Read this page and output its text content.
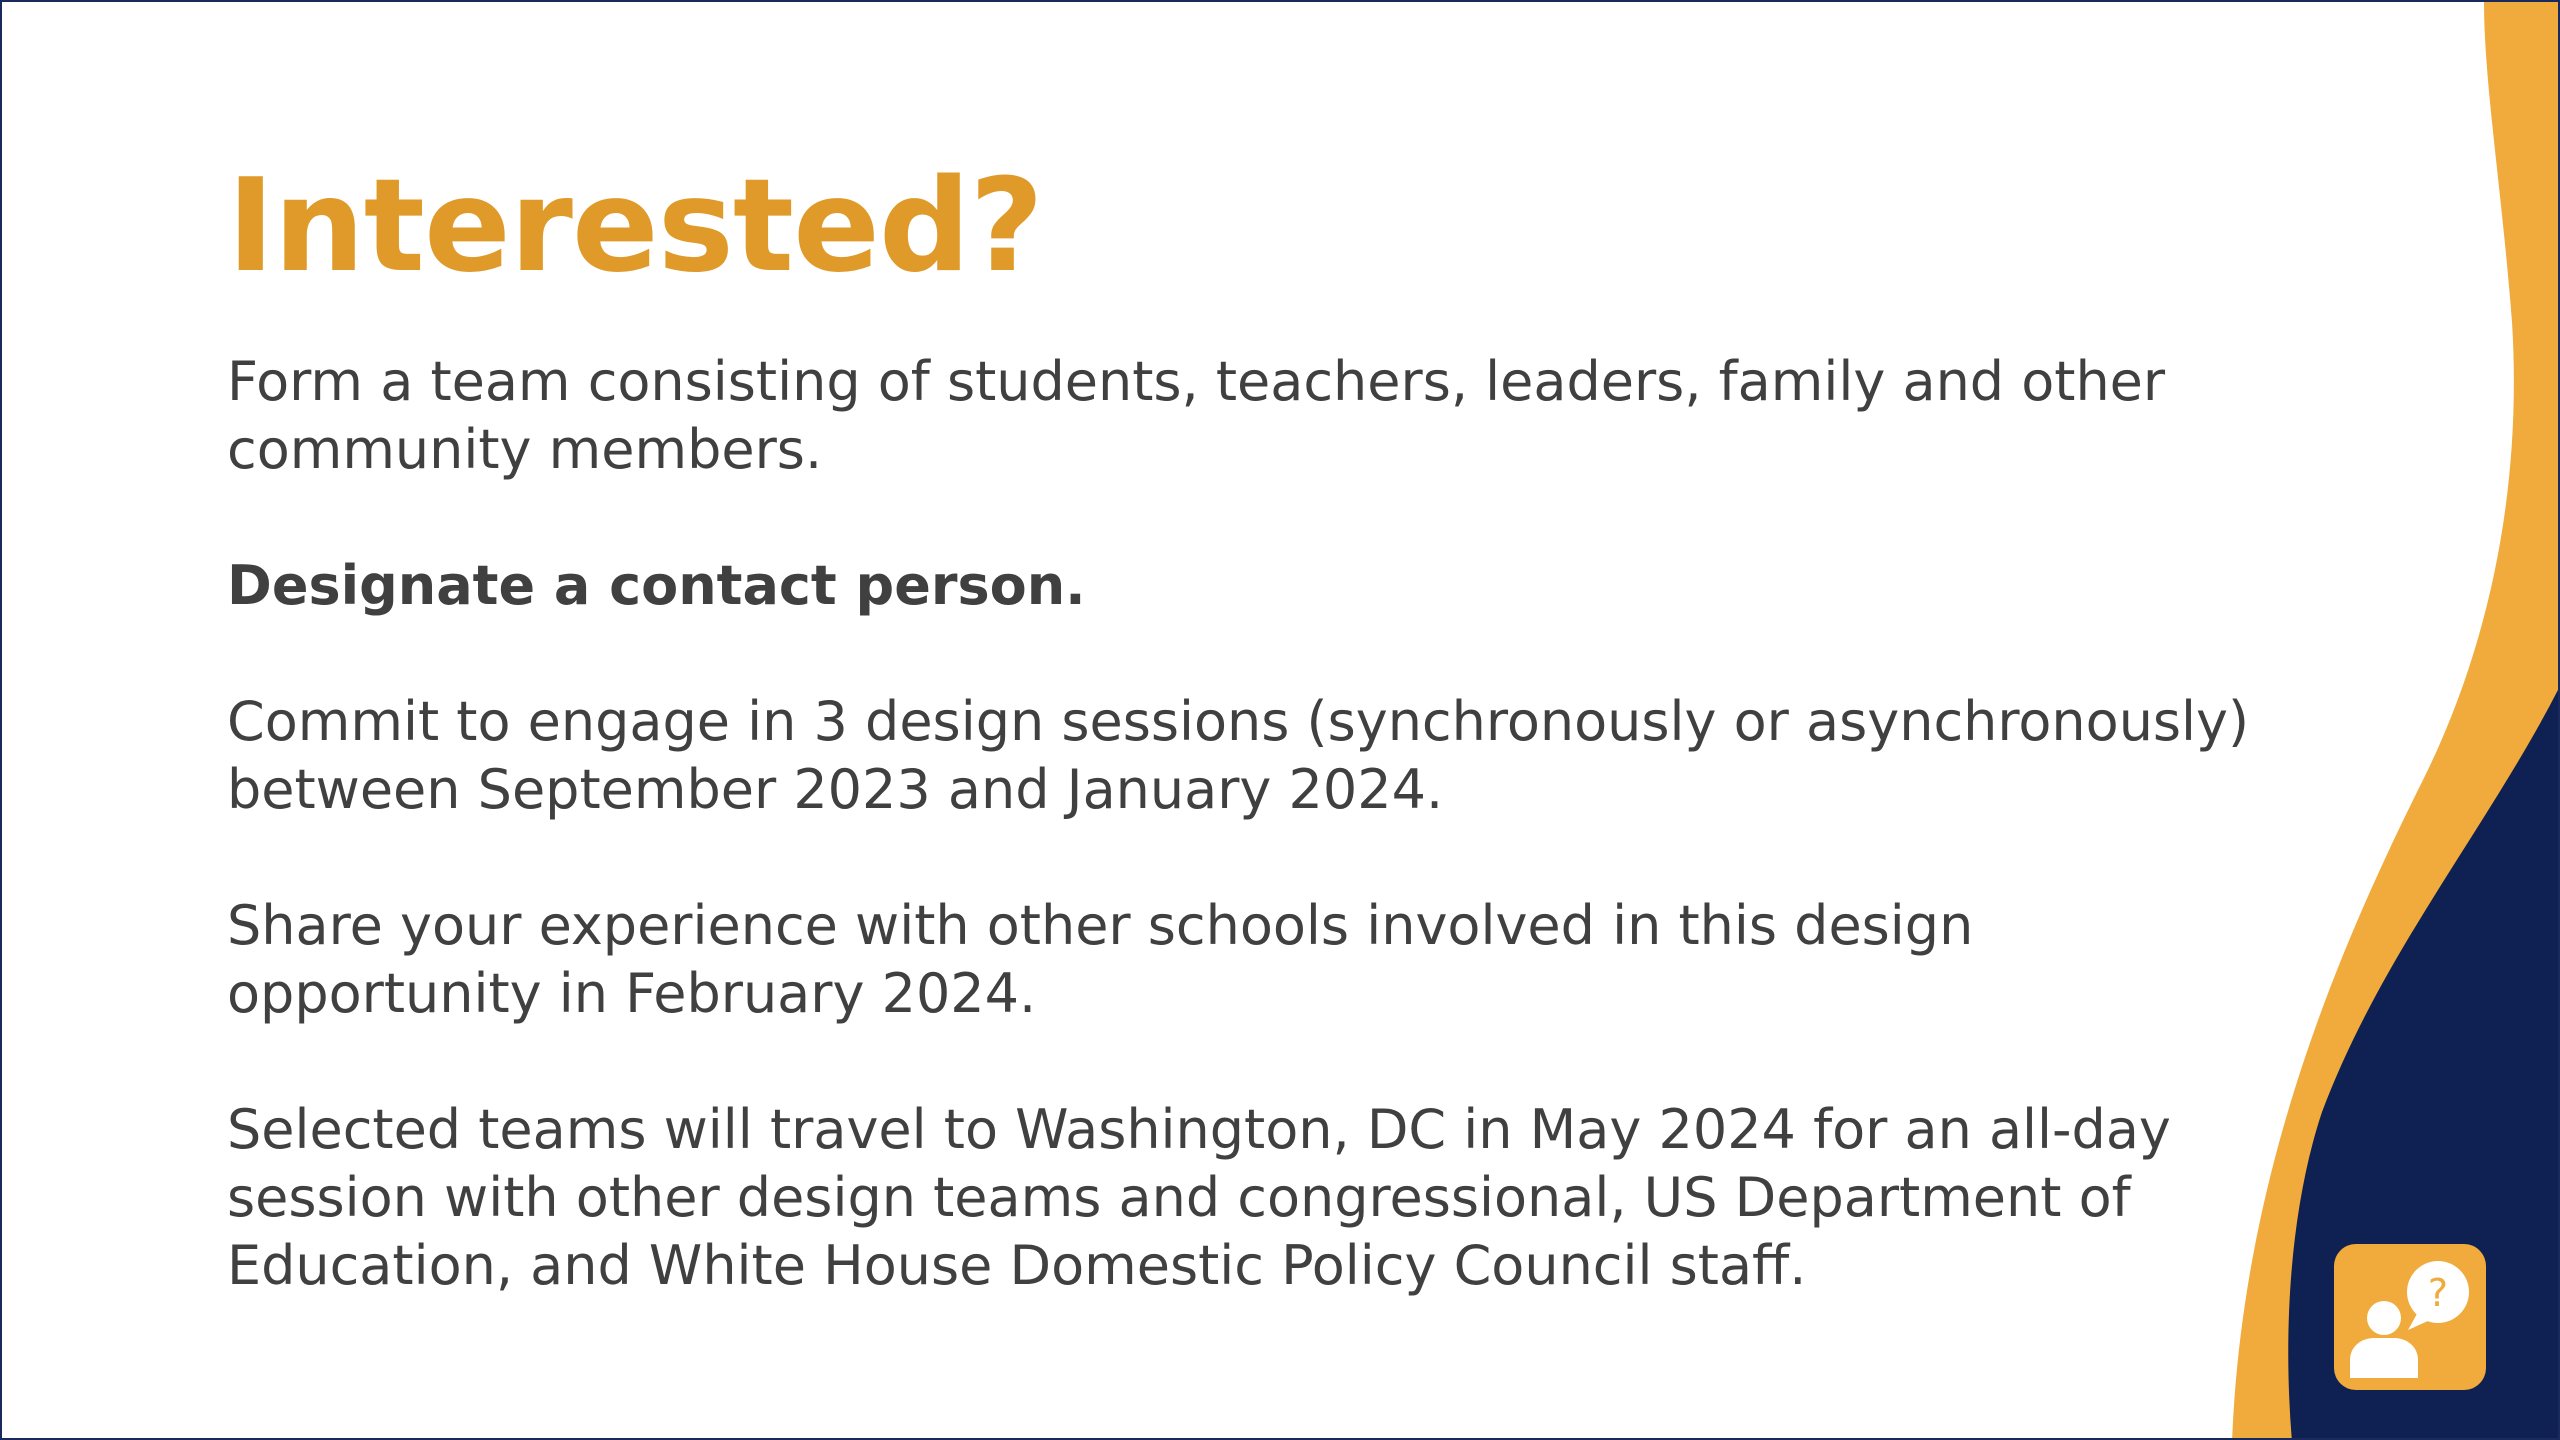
Interested?

Form a team consisting of students, teachers, leaders, family and other community members.

Designate a contact person.

Commit to engage in 3 design sessions (synchronously or asynchronously) between September 2023 and January 2024.

Share your experience with other schools involved in this design opportunity in February 2024.

Selected teams will travel to Washington, DC in May 2024 for an all-day session with other design teams and congressional, US Department of Education, and White House Domestic Policy Council staff.	?
